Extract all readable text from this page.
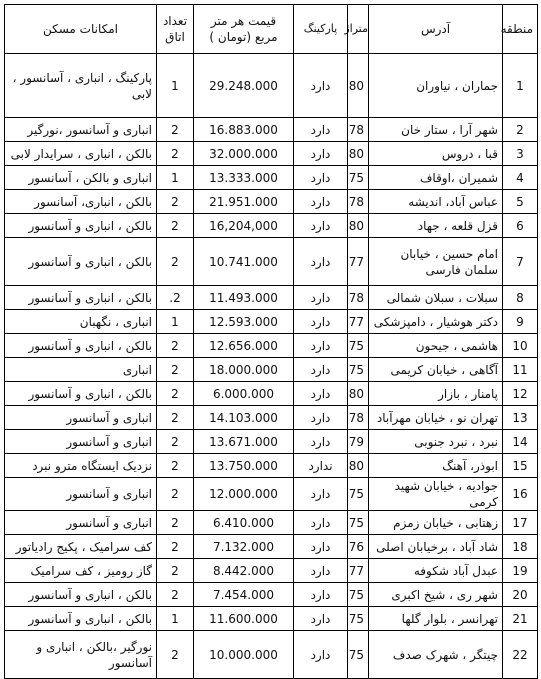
منطقه	آدرس	متراژ	پارکینگ	قیمت هر متر مربع (تومان )	تعداد اتاق	امکانات مسکن
1	جماران ، نیاوران	80	دارد	29.248.000	1	پارکینگ ، انباری ، آسانسور ، لابی
2	شهر آرا ، ستار خان	78	دارد	16.883.000	2	انباری و آسانسور ،نورگیر
3	قبا ، دروس	80	دارد	32.000.000	2	بالکن ، انباری ، سرایدار لابی
4	شمیران ،اوقاف	75	دارد	13.333.000	1	انباری و بالکن ، آسانسور
5	عباس آباد، اندیشه	78	دارد	21.951.000	2	بالکن ، انباری، آسانسور
6	قزل قلعه ، جهاد	80	دارد	16,204,000	2	بالکن ، انباری و آسانسور
7	امام حسین ، خیابان سلمان فارسی	77	دارد	10.741.000	2	بالکن ، انباری و آسانسور
8	سبلات ، سبلان شمالی	78	دارد	11.493.000	2.	بالکن ، انباری و آسانسور
9	دکتر هوشیار ، دامپزشکی	77	دارد	12.593.000	1	انباری ، نگهبان
10	هاشمی ، جیحون	75	دارد	12.656.000	2	بالکن ، انباری و آسانسور
11	آگاهی ، خیابان کریمی	75	دارد	18.000.000	2	انباری
12	پامنار ، بازار	80	دارد	6.000.000	2	بالکن ، انباری و آسانسور
13	تهران نو ، خیابان مهرآباد	78	دارد	14.103.000	2	انباری و آسانسور
14	نبرد ، نبرد جنوبی	79	دارد	13.671.000	2	انباری و آسانسور
15	ابوذر، آهنگ	80	ندارد	13.750.000	2	نزدیک ایستگاه مترو نبرد
16	جوادیه ، خیابان شهید کرمی	75	دارد	12.000.000	2	انباری و آسانسور
17	زهتابی ، خیابان زمزم	75	دارد	6.410.000	2	انباری و آسانسور
18	شاد آباد ، برخیابان اصلی	76	دارد	7.132.000	2	کف سرامیک ، پکیج رادیاتور
19	عبدل آباد شکوفه	77	دارد	8.442.000	2	گاز رومیز ، کف سرامیک
20	شهر ری ، شیخ اکبری	75	دارد	7.454.000	2	بالکن ، انباری و آسانسور
21	تهرانسر ، بلوار گلها	75	دارد	11.600.000	1	بالکن ، انباری و آسانسور
22	چیتگر ، شهرک صدف	75	دارد	10.000.000	2	نورگیر ،بالکن ، انباری و آسانسور
